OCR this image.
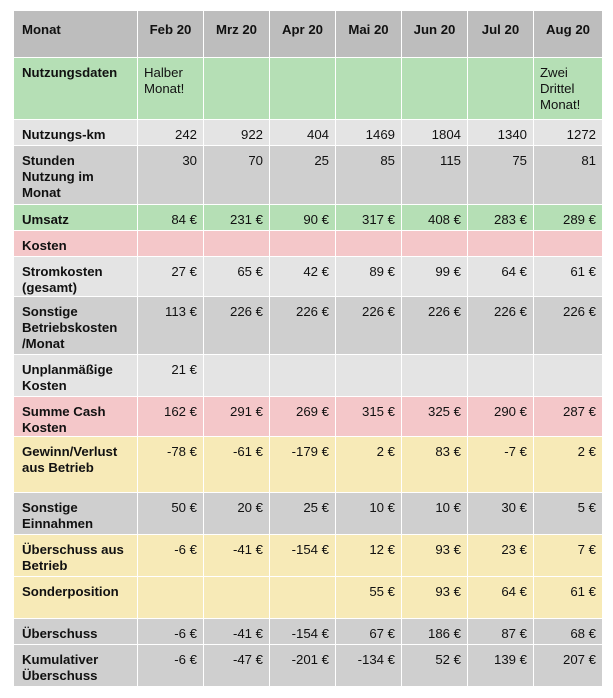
Monat	Feb 20	Mrz 20	Apr 20	Mai 20	Jun 20	Jul 20	Aug 20
Nutzungsdaten	Halber Monat!						Zwei Drittel Monat!
Nutzungs-km	242	922	404	1469	1804	1340	1272
Stunden Nutzung im Monat	30	70	25	85	115	75	81
Umsatz	84 €	231 €	90 €	317 €	408 €	283 €	289 €
Kosten							
Stromkosten (gesamt)	27 €	65 €	42 €	89 €	99 €	64 €	61 €
Sonstige Betriebskosten /Monat	113 €	226 €	226 €	226 €	226 €	226 €	226 €
Unplanmäßige Kosten	21 €						
Summe Cash Kosten	162 €	291 €	269 €	315 €	325 €	290 €	287 €
Gewinn/Verlust aus Betrieb	-78 €	-61 €	-179 €	2 €	83 €	-7 €	2 €
Sonstige Einnahmen	50 €	20 €	25 €	10 €	10 €	30 €	5 €
Überschuss aus Betrieb	-6 €	-41 €	-154 €	12 €	93 €	23 €	7 €
Sonderposition				55 €	93 €	64 €	61 €
Überschuss	-6 €	-41 €	-154 €	67 €	186 €	87 €	68 €
Kumulativer Überschuss	-6 €	-47 €	-201 €	-134 €	52 €	139 €	207 €
